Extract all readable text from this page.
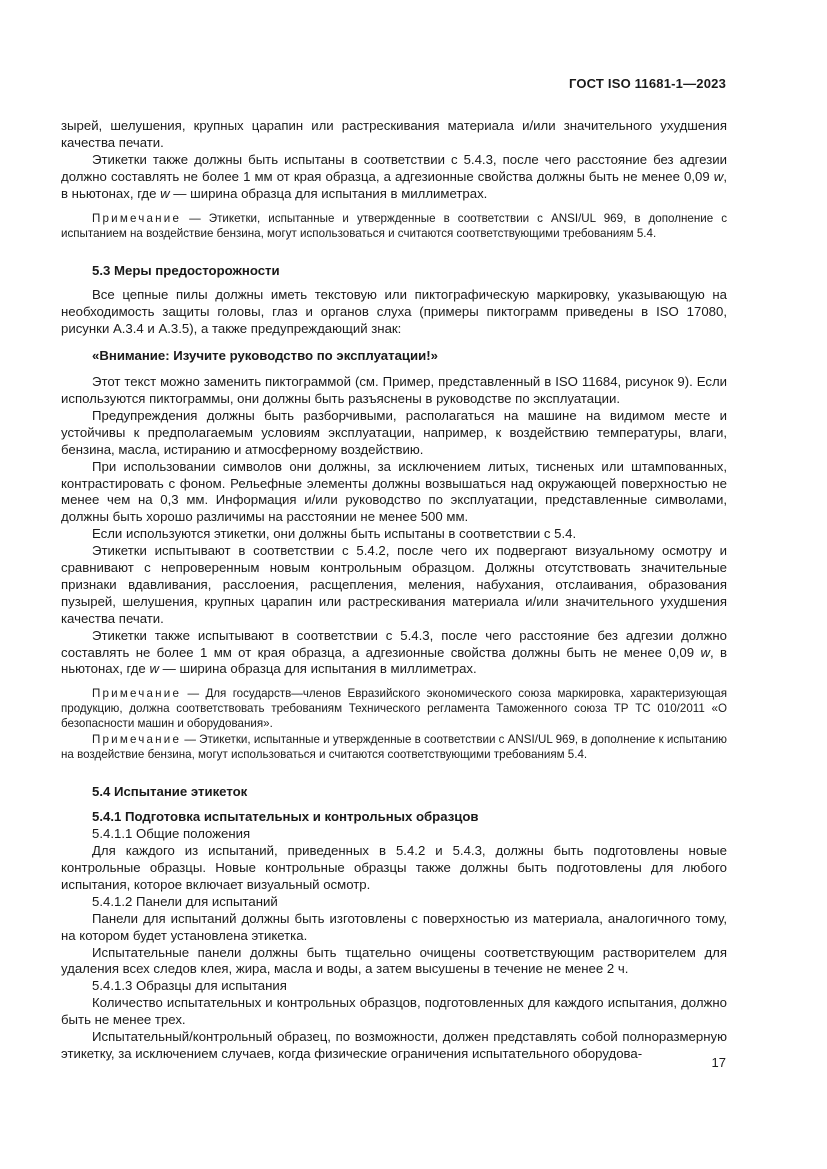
ГОСТ ISO 11681-1—2023

зырей, шелушения, крупных царапин или растрескивания материала и/или значительного ухудшения качества печати.

Этикетки также должны быть испытаны в соответствии с 5.4.3, после чего расстояние без адгезии должно составлять не более 1 мм от края образца, а адгезионные свойства должны быть не менее 0,09 w, в ньютонах, где w — ширина образца для испытания в миллиметрах.

Примечание — Этикетки, испытанные и утвержденные в соответствии с ANSI/UL 969, в дополнение с испытанием на воздействие бензина, могут использоваться и считаются соответствующими требованиям 5.4.

5.3 Меры предосторожности

Все цепные пилы должны иметь текстовую или пиктографическую маркировку, указывающую на необходимость защиты головы, глаз и органов слуха (примеры пиктограмм приведены в ISO 17080, рисунки A.3.4 и A.3.5), а также предупреждающий знак:

«Внимание: Изучите руководство по эксплуатации!»

Этот текст можно заменить пиктограммой (см. Пример, представленный в ISO 11684, рисунок 9). Если используются пиктограммы, они должны быть разъяснены в руководстве по эксплуатации.

Предупреждения должны быть разборчивыми, располагаться на машине на видимом месте и устойчивы к предполагаемым условиям эксплуатации, например, к воздействию температуры, влаги, бензина, масла, истиранию и атмосферному воздействию.

При использовании символов они должны, за исключением литых, тисненых или штампованных, контрастировать с фоном. Рельефные элементы должны возвышаться над окружающей поверхностью не менее чем на 0,3 мм. Информация и/или руководство по эксплуатации, представленные символами, должны быть хорошо различимы на расстоянии не менее 500 мм.

Если используются этикетки, они должны быть испытаны в соответствии с 5.4.

Этикетки испытывают в соответствии с 5.4.2, после чего их подвергают визуальному осмотру и сравнивают с непроверенным новым контрольным образцом. Должны отсутствовать значительные признаки вдавливания, расслоения, расщепления, меления, набухания, отслаивания, образования пузырей, шелушения, крупных царапин или растрескивания материала и/или значительного ухудшения качества печати.

Этикетки также испытывают в соответствии с 5.4.3, после чего расстояние без адгезии должно составлять не более 1 мм от края образца, а адгезионные свойства должны быть не менее 0,09 w, в ньютонах, где w — ширина образца для испытания в миллиметрах.

Примечание — Для государств—членов Евразийского экономического союза маркировка, характеризующая продукцию, должна соответствовать требованиям Технического регламента Таможенного союза ТР ТС 010/2011 «О безопасности машин и оборудования».

Примечание — Этикетки, испытанные и утвержденные в соответствии с ANSI/UL 969, в дополнение к испытанию на воздействие бензина, могут использоваться и считаются соответствующими требованиям 5.4.

5.4 Испытание этикеток
5.4.1 Подготовка испытательных и контрольных образцов

5.4.1.1 Общие положения

Для каждого из испытаний, приведенных в 5.4.2 и 5.4.3, должны быть подготовлены новые контрольные образцы. Новые контрольные образцы также должны быть подготовлены для любого испытания, которое включает визуальный осмотр.

5.4.1.2 Панели для испытаний

Панели для испытаний должны быть изготовлены с поверхностью из материала, аналогичного тому, на котором будет установлена этикетка.

Испытательные панели должны быть тщательно очищены соответствующим растворителем для удаления всех следов клея, жира, масла и воды, а затем высушены в течение не менее 2 ч.

5.4.1.3 Образцы для испытания

Количество испытательных и контрольных образцов, подготовленных для каждого испытания, должно быть не менее трех.

Испытательный/контрольный образец, по возможности, должен представлять собой полноразмерную этикетку, за исключением случаев, когда физические ограничения испытательного оборудова-

17
